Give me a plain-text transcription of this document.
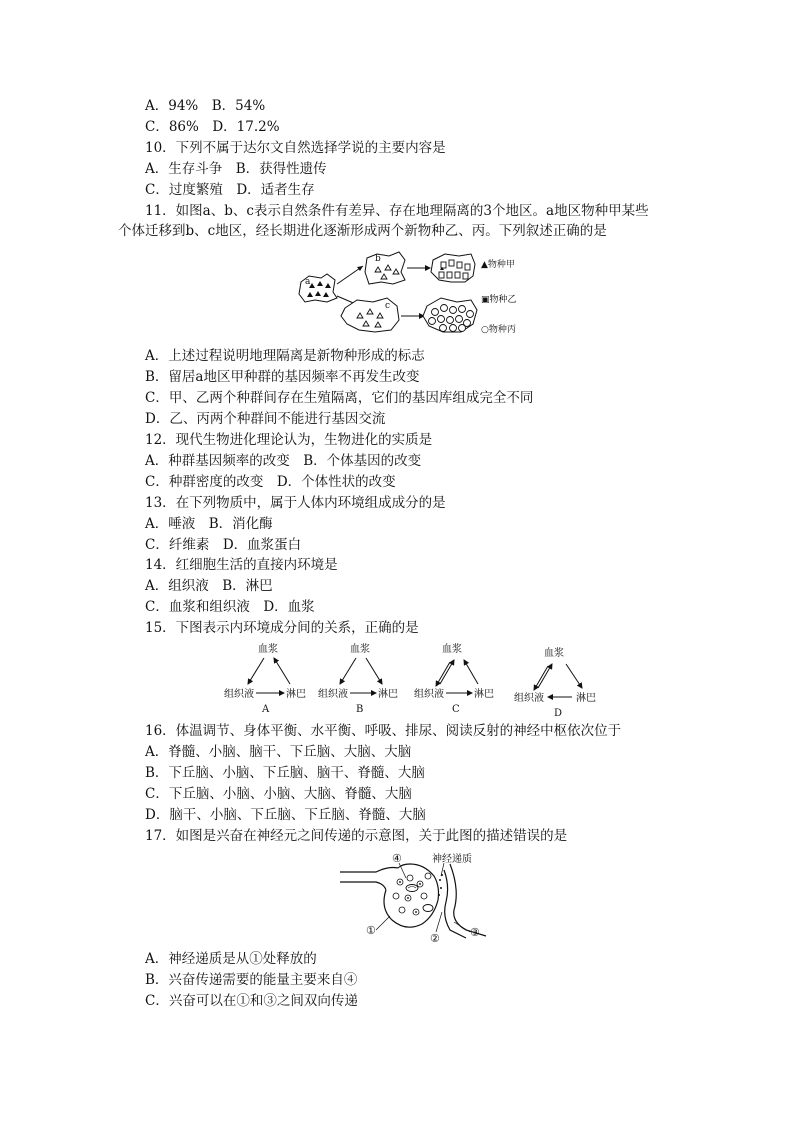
A．94%　B．54%
C．86%　D．17.2%
10．下列不属于达尔文自然选择学说的主要内容是
A．生存斗争　B．获得性遗传
C．过度繁殖　D．适者生存
11．如图a、b、c表示自然条件有差异、存在地理隔离的3个地区。a地区物种甲某些
个体迁移到b、c地区，经长期进化逐渐形成两个新物种乙、丙。下列叙述正确的是
a
b
c
▲物种甲
▣物种乙
○物种丙
A．上述过程说明地理隔离是新物种形成的标志
B．留居a地区甲种群的基因频率不再发生改变
C．甲、乙两个种群间存在生殖隔离，它们的基因库组成完全不同
D．乙、丙两个种群间不能进行基因交流
12．现代生物进化理论认为，生物进化的实质是
A．种群基因频率的改变　B．个体基因的改变
C．种群密度的改变　D．个体性状的改变
13．在下列物质中，属于人体内环境组成成分的是
A．唾液　B．消化酶
C．纤维素　D．血浆蛋白
14．红细胞生活的直接内环境是
A．组织液　B．淋巴
C．血浆和组织液　D．血浆
15．下图表示内环境成分间的关系，正确的是
血浆
组织液	淋巴
A
血浆
组织液	淋巴
B
血浆
组织液	淋巴
C
血浆
组织液	淋巴
D
16．体温调节、身体平衡、水平衡、呼吸、排尿、阅读反射的神经中枢依次位于
A．脊髓、小脑、脑干、下丘脑、大脑、大脑
B．下丘脑、小脑、下丘脑、脑干、脊髓、大脑
C．下丘脑、小脑、小脑、大脑、脊髓、大脑
D．脑干、小脑、下丘脑、下丘脑、脊髓、大脑
17．如图是兴奋在神经元之间传递的示意图，关于此图的描述错误的是
④	神经递质
①
②	③
A．神经递质是从①处释放的
B．兴奋传递需要的能量主要来自④
C．兴奋可以在①和③之间双向传递
